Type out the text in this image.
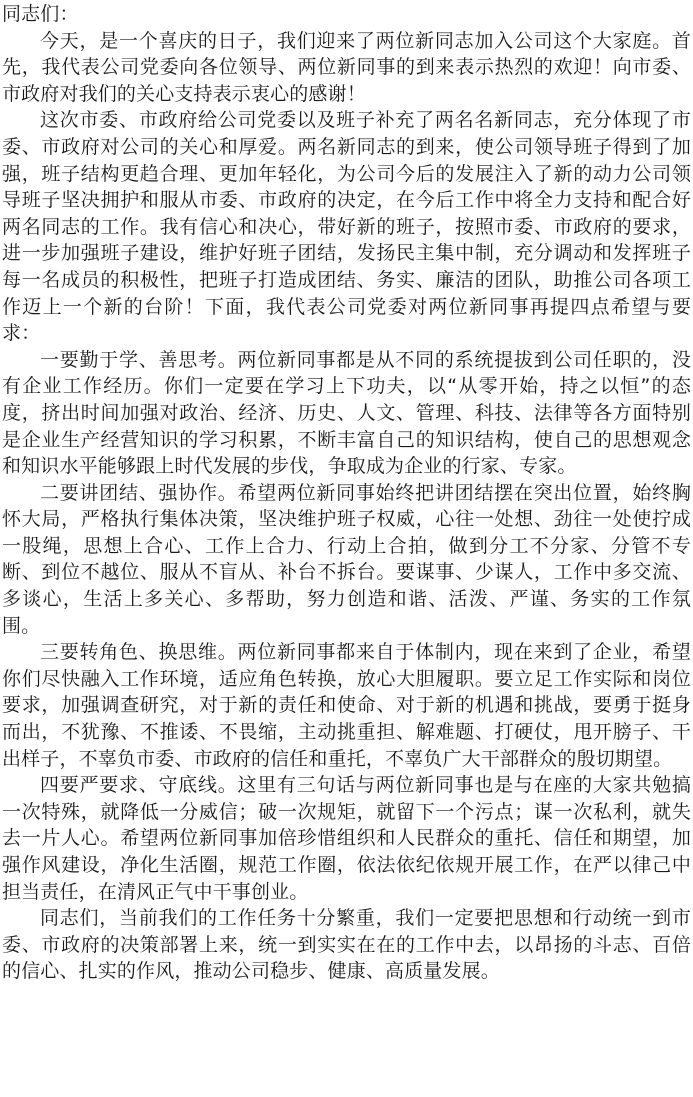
同志们：

今天，是一个喜庆的日子，我们迎来了两位新同志加入公司这个大家庭。首先，我代表公司党委向各位领导、两位新同事的到来表示热烈的欢迎！向市委、市政府对我们的关心支持表示衷心的感谢！

这次市委、市政府给公司党委以及班子补充了两名名新同志，充分体现了市委、市政府对公司的关心和厚爱。两名新同志的到来，使公司领导班子得到了加强，班子结构更趋合理、更加年轻化，为公司今后的发展注入了新的动力公司领导班子坚决拥护和服从市委、市政府的决定，在今后工作中将全力支持和配合好两名同志的工作。我有信心和决心，带好新的班子，按照市委、市政府的要求，进一步加强班子建设，维护好班子团结，发扬民主集中制，充分调动和发挥班子每一名成员的积极性，把班子打造成团结、务实、廉洁的团队，助推公司各项工作迈上一个新的台阶！下面，我代表公司党委对两位新同事再提四点希望与要求：

一要勤于学、善思考。两位新同事都是从不同的系统提拔到公司任职的，没有企业工作经历。你们一定要在学习上下功夫，以“从零开始，持之以恒”的态度，挤出时间加强对政治、经济、历史、人文、管理、科技、法律等各方面特别是企业生产经营知识的学习积累，不断丰富自己的知识结构，使自己的思想观念和知识水平能够跟上时代发展的步伐，争取成为企业的行家、专家。

二要讲团结、强协作。希望两位新同事始终把讲团结摆在突出位置，始终胸怀大局，严格执行集体决策，坚决维护班子权威，心往一处想、劲往一处使拧成一股绳，思想上合心、工作上合力、行动上合拍，做到分工不分家、分管不专断、到位不越位、服从不盲从、补台不拆台。要谋事、少谋人，工作中多交流、多谈心，生活上多关心、多帮助，努力创造和谐、活泼、严谨、务实的工作氛围。

三要转角色、换思维。两位新同事都来自于体制内，现在来到了企业，希望你们尽快融入工作环境，适应角色转换，放心大胆履职。要立足工作实际和岗位要求，加强调查研究，对于新的责任和使命、对于新的机遇和挑战，要勇于挺身而出，不犹豫、不推诿、不畏缩，主动挑重担、解难题、打硬仗，甩开膀子、干出样子，不辜负市委、市政府的信任和重托，不辜负广大干部群众的殷切期望。

四要严要求、守底线。这里有三句话与两位新同事也是与在座的大家共勉搞一次特殊，就降低一分威信；破一次规矩，就留下一个污点；谋一次私利，就失去一片人心。希望两位新同事加倍珍惜组织和人民群众的重托、信任和期望，加强作风建设，净化生活圈，规范工作圈，依法依纪依规开展工作，在严以律己中担当责任，在清风正气中干事创业。

同志们，当前我们的工作任务十分繁重，我们一定要把思想和行动统一到市委、市政府的决策部署上来，统一到实实在在的工作中去，以昂扬的斗志、百倍的信心、扎实的作风，推动公司稳步、健康、高质量发展。
